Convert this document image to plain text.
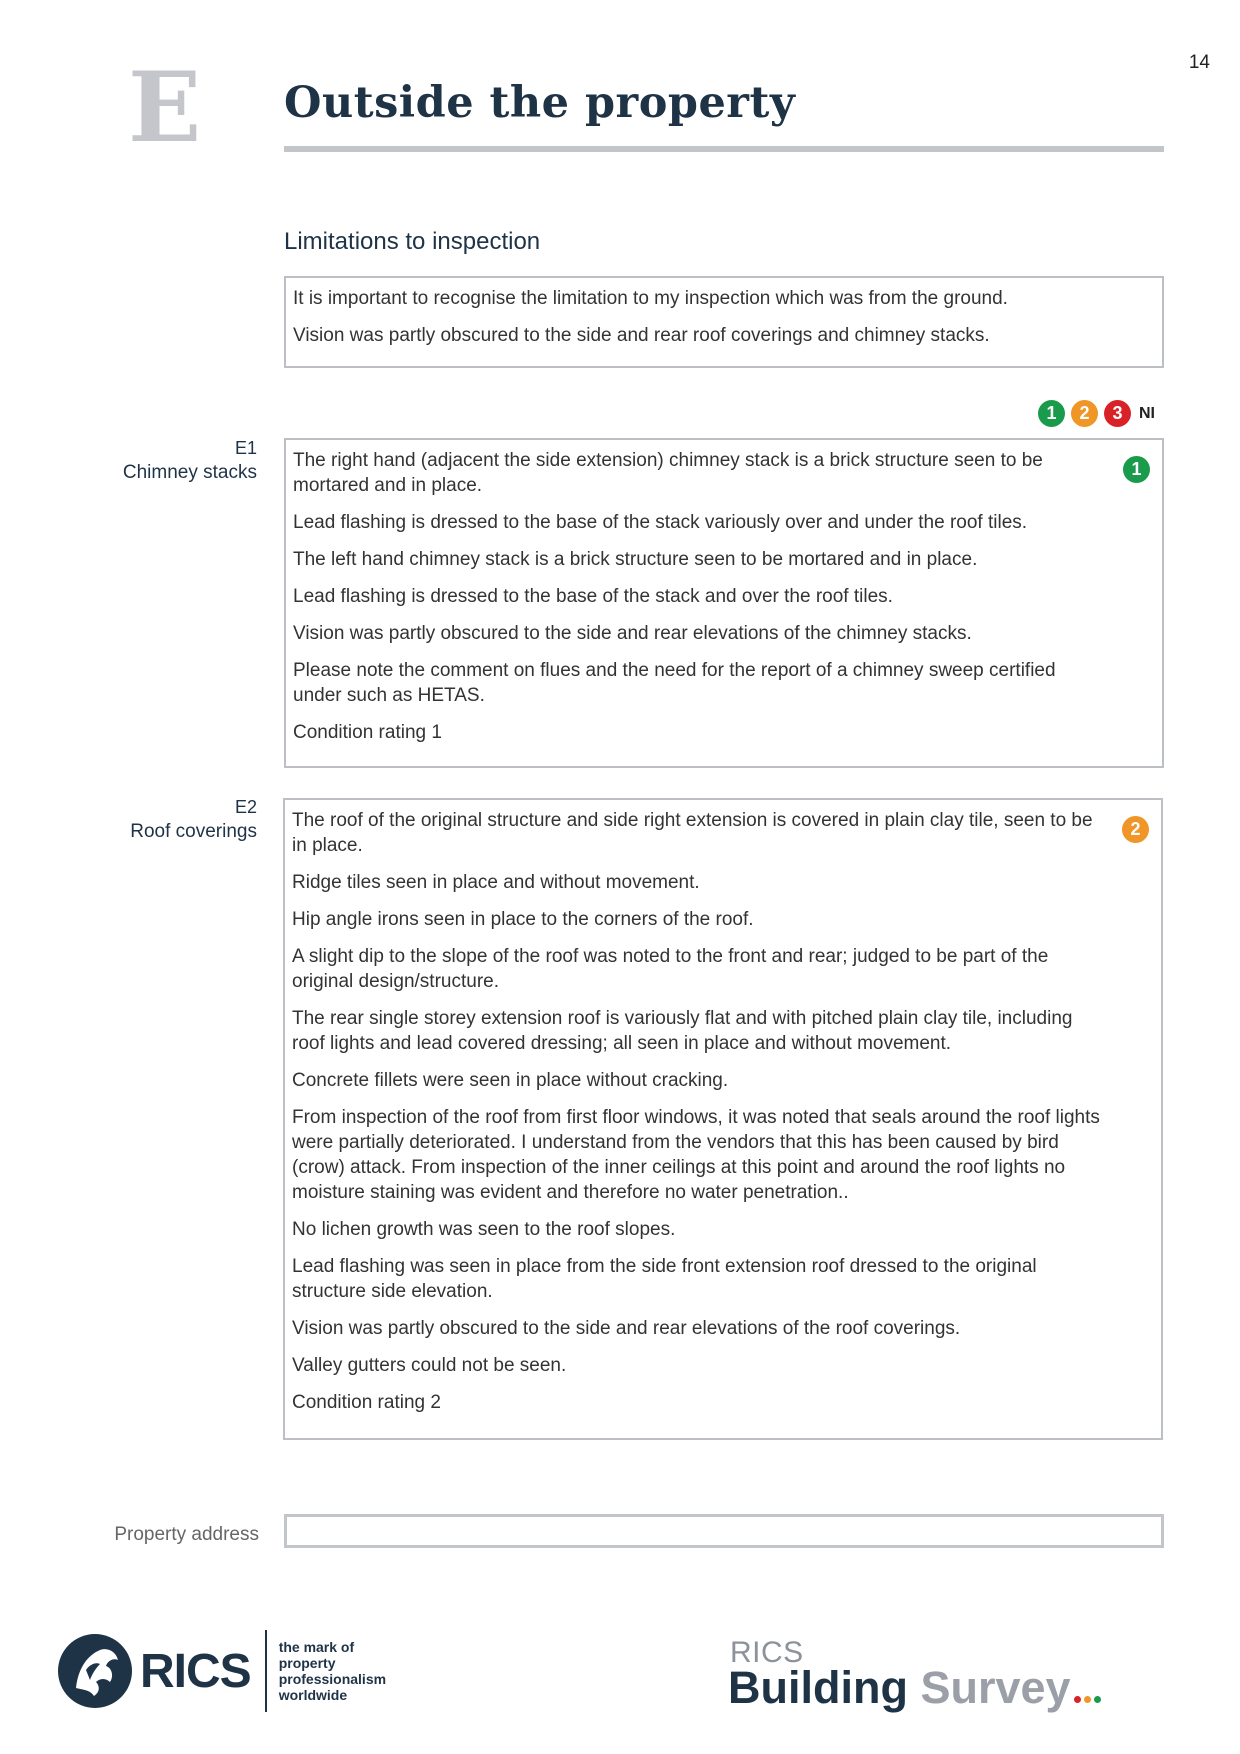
14
E Outside the property
Limitations to inspection

It is important to recognise the limitation to my inspection which was from the ground.

Vision was partly obscured to the side and rear roof coverings and chimney stacks.

1	2	3	NI
E1
Chimney stacks

The right hand (adjacent the side extension) chimney stack is a brick structure seen to be mortared and in place.

Lead flashing is dressed to the base of the stack variously over and under the roof tiles.

The left hand chimney stack is a brick structure seen to be mortared and in place.

Lead flashing is dressed to the base of the stack and over the roof tiles.

Vision was partly obscured to the side and rear elevations of the chimney stacks.

Please note the comment on flues and the need for the report of a chimney sweep certified under such as HETAS.

Condition rating 1

1
E2
Roof coverings

The roof of the original structure and side right extension is covered in plain clay tile, seen to be in place.

Ridge tiles seen in place and without movement.

Hip angle irons seen in place to the corners of the roof.

A slight dip to the slope of the roof was noted to the front and rear; judged to be part of the original design/structure.

The rear single storey extension roof is variously flat and with pitched plain clay tile, including roof lights and lead covered dressing; all seen in place and without movement.

Concrete fillets were seen in place without cracking.

From inspection of the roof from first floor windows, it was noted that seals around the roof lights were partially deteriorated. I understand from the vendors that this has been caused by bird (crow) attack. From inspection of the inner ceilings at this point and around the roof lights no moisture staining was evident and therefore no water penetration..

No lichen growth was seen to the roof slopes.

Lead flashing was seen in place from the side front extension roof dressed to the original structure side elevation.

Vision was partly obscured to the side and rear elevations of the roof coverings.

Valley gutters could not be seen.

Condition rating 2

2
Property address
RICS the mark of
property
professionalism
worldwide
RICS
Building Survey
